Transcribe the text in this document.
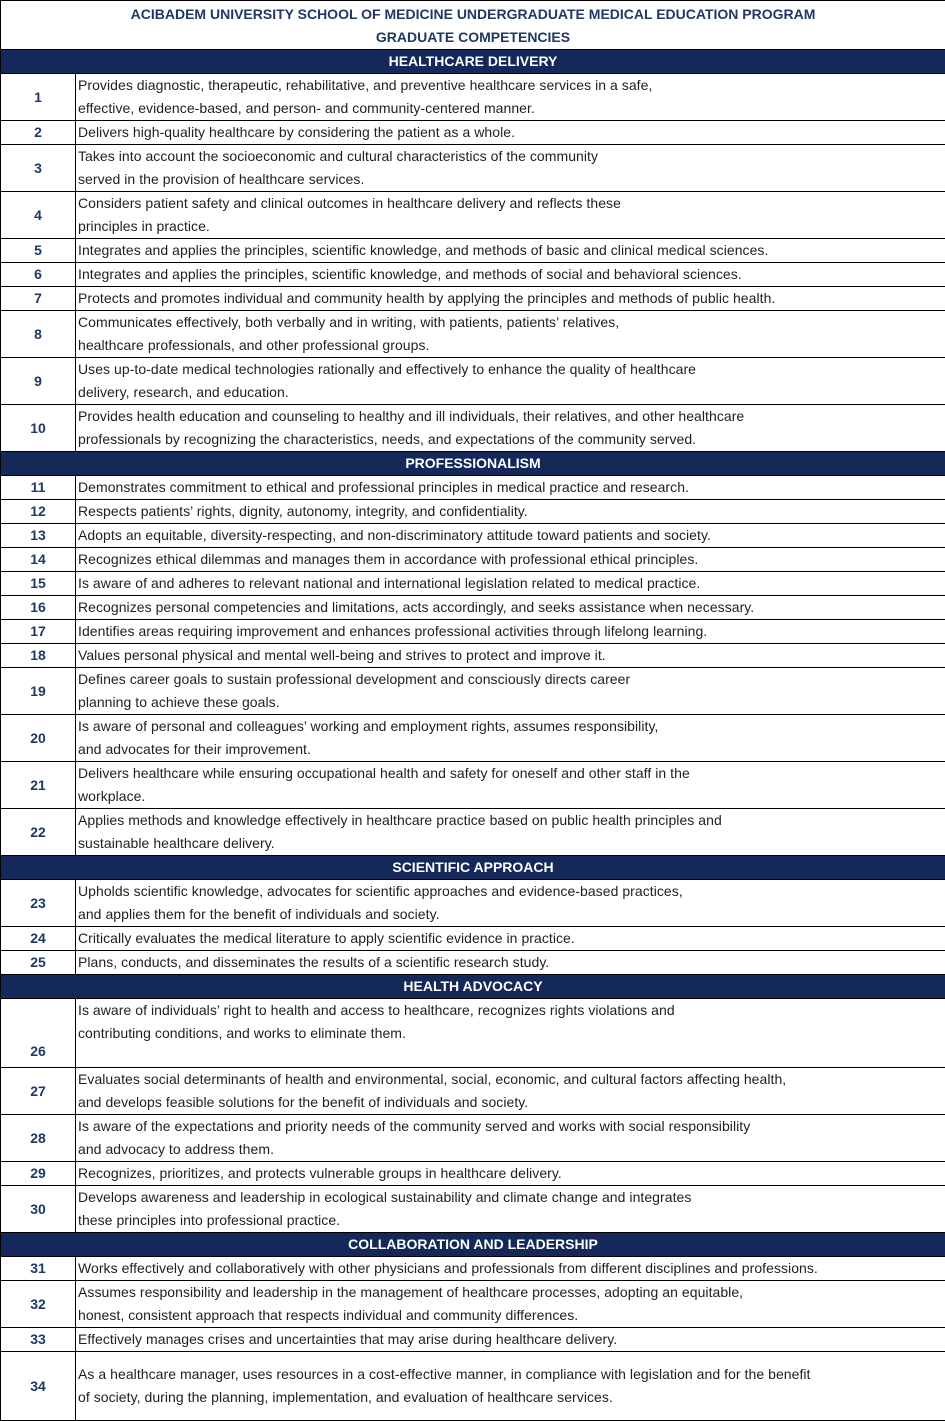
ACIBADEM UNIVERSITY SCHOOL OF MEDICINE UNDERGRADUATE MEDICAL EDUCATION PROGRAM
GRADUATE COMPETENCIES	

HEALTHCARE DELIVERY	
1	Provides diagnostic, therapeutic, rehabilitative, and preventive healthcare services in a safe,
effective, evidence-based, and person- and community-centered manner.
2	Delivers high-quality healthcare by considering the patient as a whole.
3	Takes into account the socioeconomic and cultural characteristics of the community
served in the provision of healthcare services.
4	Considers patient safety and clinical outcomes in healthcare delivery and reflects these
principles in practice.
5	Integrates and applies the principles, scientific knowledge, and methods of basic and clinical medical sciences.
6	Integrates and applies the principles, scientific knowledge, and methods of social and behavioral sciences.
7	Protects and promotes individual and community health by applying the principles and methods of public health.
8	Communicates effectively, both verbally and in writing, with patients, patients’ relatives,
healthcare professionals, and other professional groups.
9	Uses up-to-date medical technologies rationally and effectively to enhance the quality of healthcare
delivery, research, and education.
10	Provides health education and counseling to healthy and ill individuals, their relatives, and other healthcare
professionals by recognizing the characteristics, needs, and expectations of the community served.
PROFESSIONALISM	
11	Demonstrates commitment to ethical and professional principles in medical practice and research.
12	Respects patients’ rights, dignity, autonomy, integrity, and confidentiality.
13	Adopts an equitable, diversity-respecting, and non-discriminatory attitude toward patients and society.
14	Recognizes ethical dilemmas and manages them in accordance with professional ethical principles.
15	Is aware of and adheres to relevant national and international legislation related to medical practice.
16	Recognizes personal competencies and limitations, acts accordingly, and seeks assistance when necessary.
17	Identifies areas requiring improvement and enhances professional activities through lifelong learning.
18	Values personal physical and mental well-being and strives to protect and improve it.
19	Defines career goals to sustain professional development and consciously directs career
planning to achieve these goals.
20	Is aware of personal and colleagues’ working and employment rights, assumes responsibility,
and advocates for their improvement.
21	Delivers healthcare while ensuring occupational health and safety for oneself and other staff in the
workplace.
22	Applies methods and knowledge effectively in healthcare practice based on public health principles and
sustainable healthcare delivery.
SCIENTIFIC APPROACH	
23	Upholds scientific knowledge, advocates for scientific approaches and evidence-based practices,
and applies them for the benefit of individuals and society.
24	Critically evaluates the medical literature to apply scientific evidence in practice.
25	Plans, conducts, and disseminates the results of a scientific research study.
HEALTH ADVOCACY	
26	Is aware of individuals’ right to health and access to healthcare, recognizes rights violations and
contributing conditions, and works to eliminate them.
27	Evaluates social determinants of health and environmental, social, economic, and cultural factors affecting health,
and develops feasible solutions for the benefit of individuals and society.
28	Is aware of the expectations and priority needs of the community served and works with social responsibility
and advocacy to address them.
29	Recognizes, prioritizes, and protects vulnerable groups in healthcare delivery.
30	Develops awareness and leadership in ecological sustainability and climate change and integrates
these principles into professional practice.
COLLABORATION AND LEADERSHIP	
31	Works effectively and collaboratively with other physicians and professionals from different disciplines and professions.
32	Assumes responsibility and leadership in the management of healthcare processes, adopting an equitable,
honest, consistent approach that respects individual and community differences.
33	Effectively manages crises and uncertainties that may arise during healthcare delivery.
34	As a healthcare manager, uses resources in a cost-effective manner, in compliance with legislation and for the benefit
of society, during the planning, implementation, and evaluation of healthcare services.
